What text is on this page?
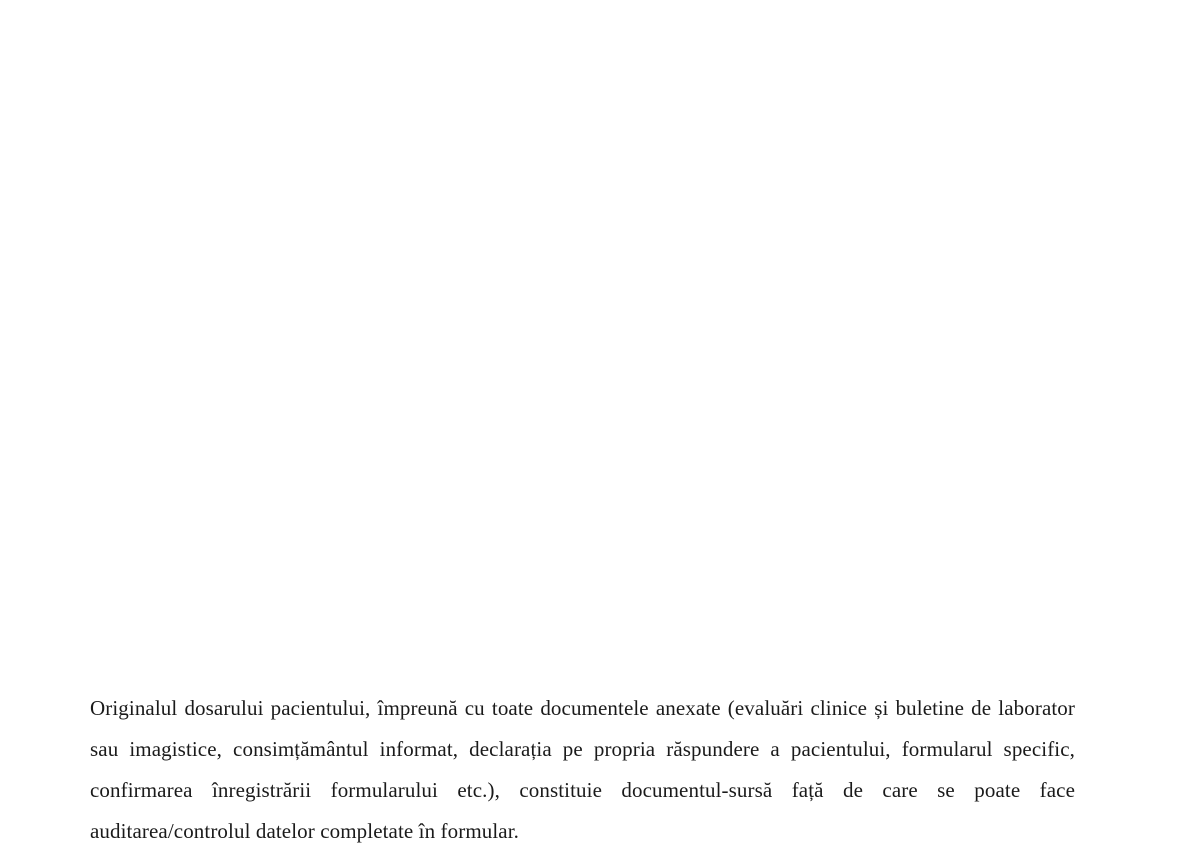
Originalul dosarului pacientului, împreună cu toate documentele anexate (evaluări clinice și buletine de laborator sau imagistice, consimțământul informat, declarația pe propria răspundere a pacientului, formularul specific, confirmarea înregistrării formularului etc.), constituie documentul-sursă față de care se poate face auditarea/controlul datelor completate în formular.
